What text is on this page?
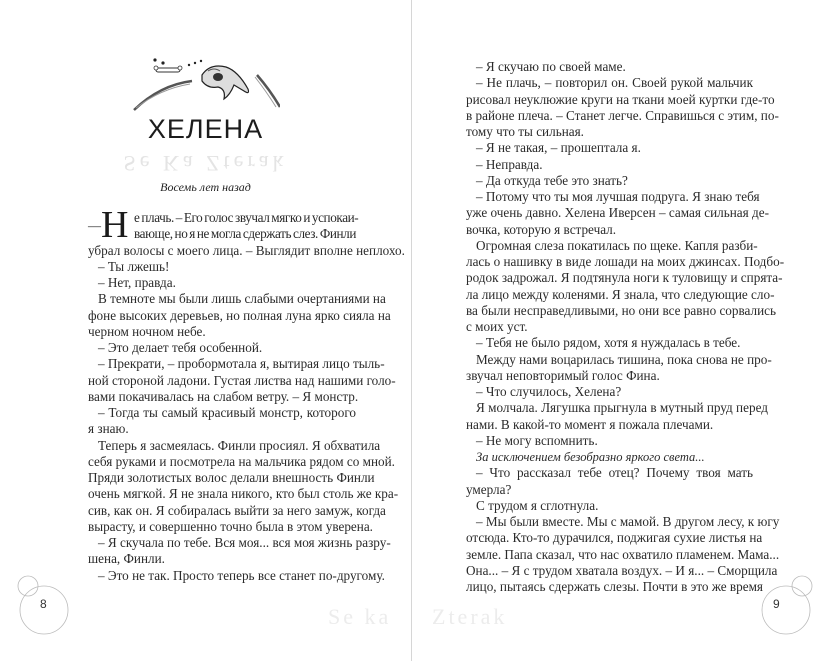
ХЕЛЕНА
Se Ka Zterak
Восемь лет назад
— Н е плачь. – Его голос звучал мягко и успокаи-
вающе, но я не могла сдержать слез. Финли
убрал волосы с моего лица. – Выглядит вполне неплохо.
– Ты лжешь!
– Нет, правда.
В темноте мы были лишь слабыми очертаниями на
фоне высоких деревьев, но полная луна ярко сияла на
черном ночном небе.
– Это делает тебя особенной.
– Прекрати, – пробормотала я, вытирая лицо тыль-
ной стороной ладони. Густая листва над нашими голо-
вами покачивалась на слабом ветру. – Я монстр.
– Тогда ты самый красивый монстр, которого
я знаю.
Теперь я засмеялась. Финли просиял. Я обхватила
себя руками и посмотрела на мальчика рядом со мной.
Пряди золотистых волос делали внешность Финли
очень мягкой. Я не знала никого, кто был столь же кра-
сив, как он. Я собиралась выйти за него замуж, когда
вырасту, и совершенно точно была в этом уверена.
– Я скучала по тебе. Вся моя... вся моя жизнь разру-
шена, Финли.
– Это не так. Просто теперь все станет по-другому.
Se ka
8
– Я скучаю по своей маме.
– Не плачь, – повторил он. Своей рукой мальчик
рисовал неуклюжие круги на ткани моей куртки где-то
в районе плеча. – Станет легче. Справишься с этим, по-
тому что ты сильная.
– Я не такая, – прошептала я.
– Неправда.
– Да откуда тебе это знать?
– Потому что ты моя лучшая подруга. Я знаю тебя
уже очень давно. Хелена Иверсен – самая сильная де-
вочка, которую я встречал.
Огромная слеза покатилась по щеке. Капля разби-
лась о нашивку в виде лошади на моих джинсах. Подбо-
родок задрожал. Я подтянула ноги к туловищу и спрята-
ла лицо между коленями. Я знала, что следующие сло-
ва были несправедливыми, но они все равно сорвались
с моих уст.
– Тебя не было рядом, хотя я нуждалась в тебе.
Между нами воцарилась тишина, пока снова не про-
звучал неповторимый голос Фина.
– Что случилось, Хелена?
Я молчала. Лягушка прыгнула в мутный пруд перед
нами. В какой-то момент я пожала плечами.
– Не могу вспомнить.
За исключением безобразно яркого света...
– Что рассказал тебе отец? Почему твоя мать
умерла?
С трудом я сглотнула.
– Мы были вместе. Мы с мамой. В другом лесу, к югу
отсюда. Кто-то дурачился, поджигая сухие листья на
земле. Папа сказал, что нас охватило пламенем. Мама...
Она... – Я с трудом хватала воздух. – И я... – Сморщила
лицо, пытаясь сдержать слезы. Почти в это же время
Zterak	9
